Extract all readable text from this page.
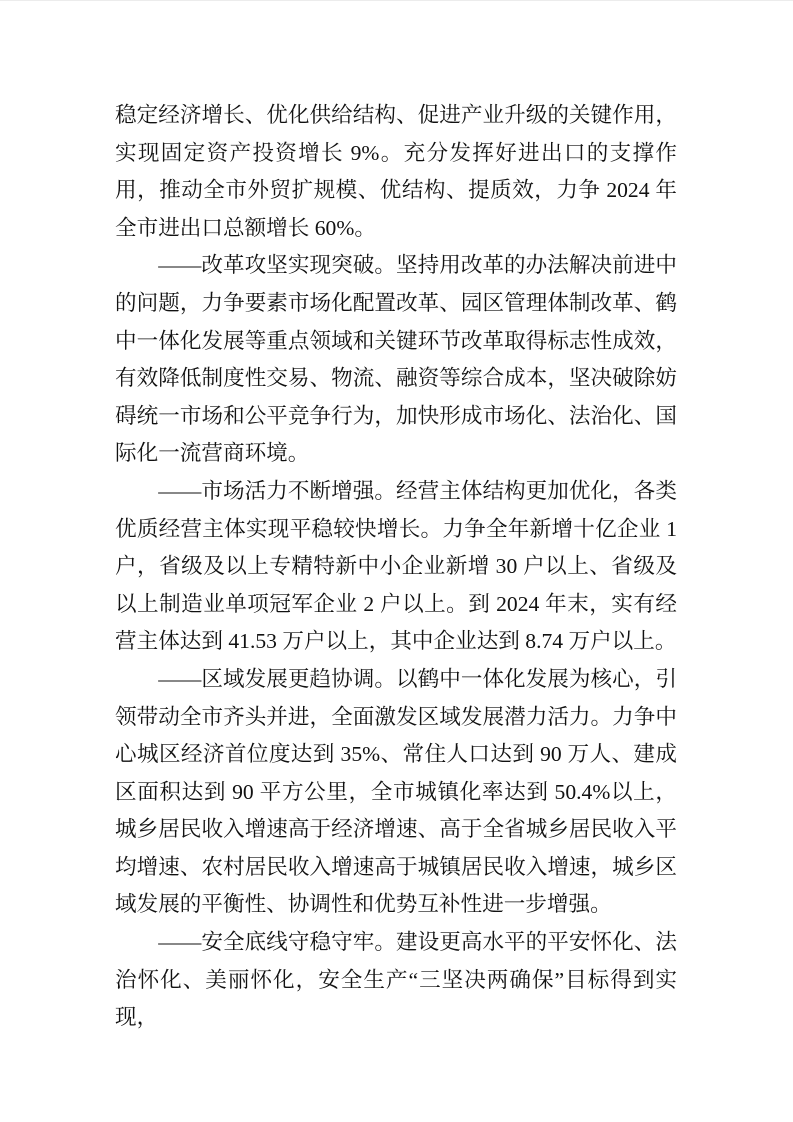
稳定经济增长、优化供给结构、促进产业升级的关键作用，实现固定资产投资增长 9%。充分发挥好进出口的支撑作用，推动全市外贸扩规模、优结构、提质效，力争 2024 年全市进出口总额增长 60%。

——改革攻坚实现突破。坚持用改革的办法解决前进中的问题，力争要素市场化配置改革、园区管理体制改革、鹤中一体化发展等重点领域和关键环节改革取得标志性成效，有效降低制度性交易、物流、融资等综合成本，坚决破除妨碍统一市场和公平竞争行为，加快形成市场化、法治化、国际化一流营商环境。

——市场活力不断增强。经营主体结构更加优化，各类优质经营主体实现平稳较快增长。力争全年新增十亿企业 1 户，省级及以上专精特新中小企业新增 30 户以上、省级及以上制造业单项冠军企业 2 户以上。到 2024 年末，实有经营主体达到 41.53 万户以上，其中企业达到 8.74 万户以上。

——区域发展更趋协调。以鹤中一体化发展为核心，引领带动全市齐头并进，全面激发区域发展潜力活力。力争中心城区经济首位度达到 35%、常住人口达到 90 万人、建成区面积达到 90 平方公里，全市城镇化率达到 50.4%以上，城乡居民收入增速高于经济增速、高于全省城乡居民收入平均增速、农村居民收入增速高于城镇居民收入增速，城乡区域发展的平衡性、协调性和优势互补性进一步增强。

——安全底线守稳守牢。建设更高水平的平安怀化、法治怀化、美丽怀化，安全生产“三坚决两确保”目标得到实现，
